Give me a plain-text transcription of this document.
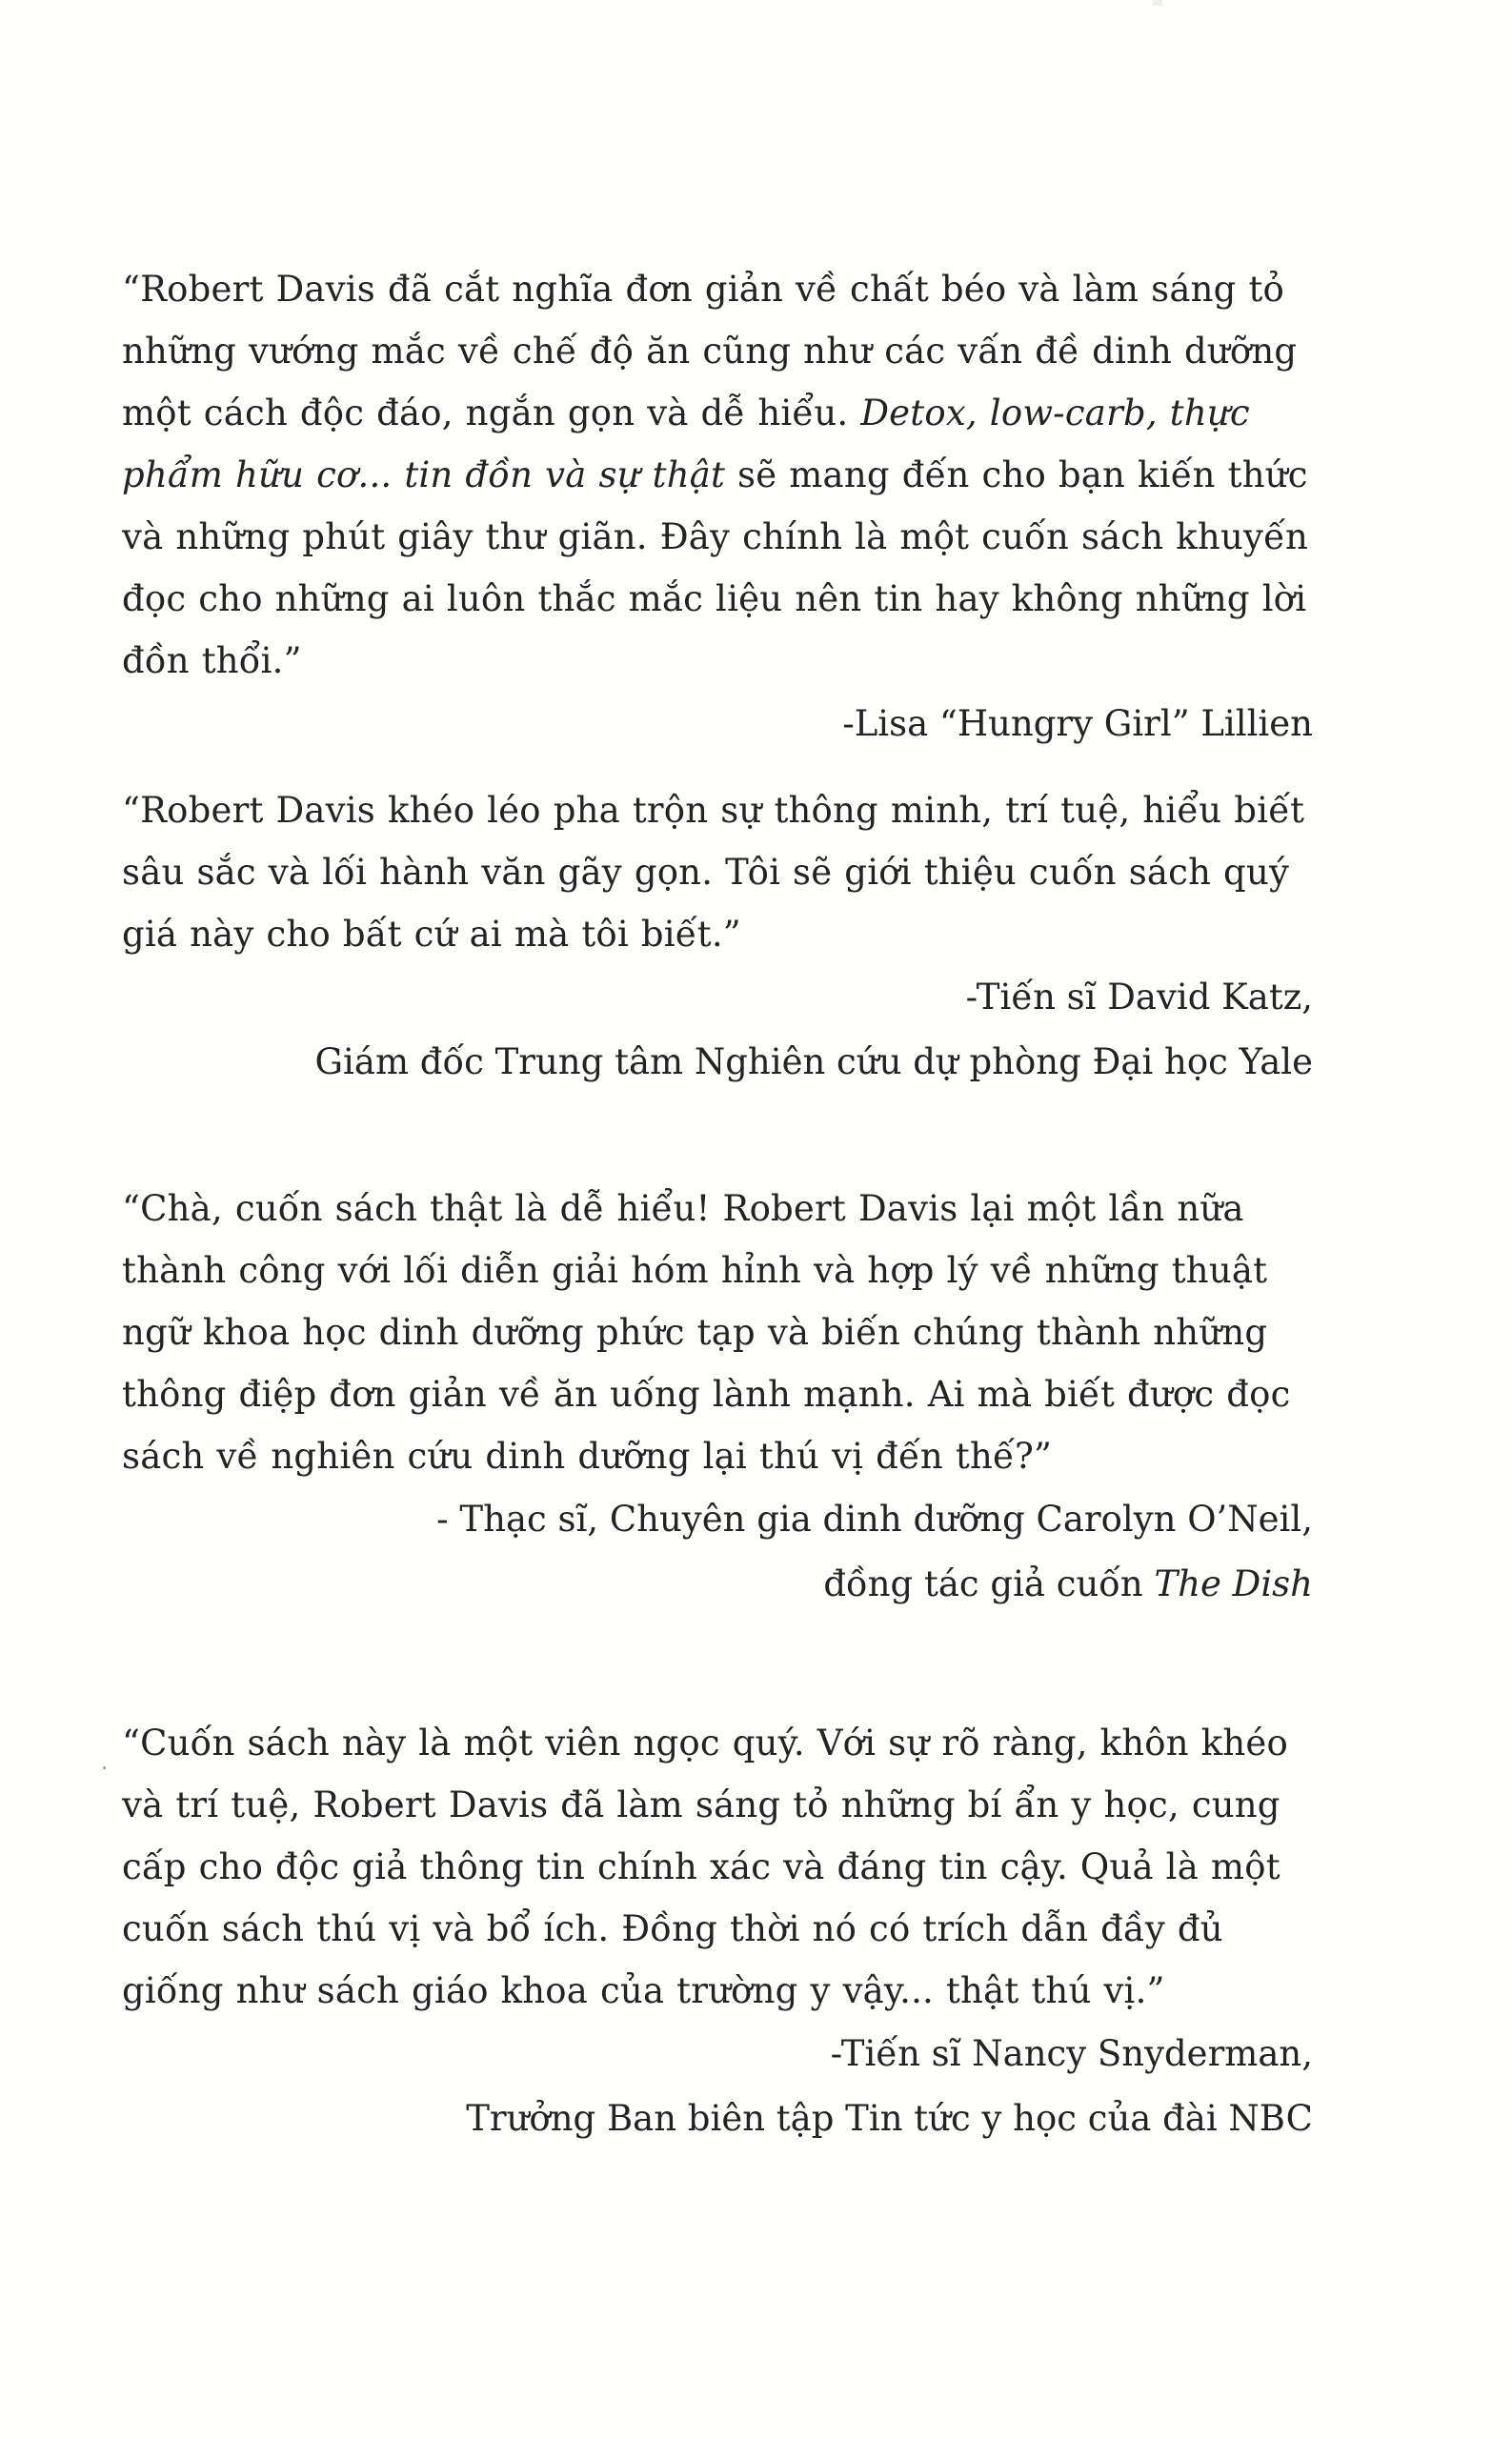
“Robert Davis đã cắt nghĩa đơn giản về chất béo và làm sáng tỏ những vướng mắc về chế độ ăn cũng như các vấn đề dinh dưỡng một cách độc đáo, ngắn gọn và dễ hiểu. Detox, low-carb, thực phẩm hữu cơ... tin đồn và sự thật sẽ mang đến cho bạn kiến thức và những phút giây thư giãn. Đây chính là một cuốn sách khuyến đọc cho những ai luôn thắc mắc liệu nên tin hay không những lời đồn thổi.”

-Lisa “Hungry Girl” Lillien

“Robert Davis khéo léo pha trộn sự thông minh, trí tuệ, hiểu biết sâu sắc và lối hành văn gãy gọn. Tôi sẽ giới thiệu cuốn sách quý giá này cho bất cứ ai mà tôi biết.”

-Tiến sĩ David Katz,

Giám đốc Trung tâm Nghiên cứu dự phòng Đại học Yale

“Chà, cuốn sách thật là dễ hiểu! Robert Davis lại một lần nữa thành công với lối diễn giải hóm hỉnh và hợp lý về những thuật ngữ khoa học dinh dưỡng phức tạp và biến chúng thành những thông điệp đơn giản về ăn uống lành mạnh. Ai mà biết được đọc sách về nghiên cứu dinh dưỡng lại thú vị đến thế?”

- Thạc sĩ, Chuyên gia dinh dưỡng Carolyn O’Neil,

đồng tác giả cuốn The Dish

“Cuốn sách này là một viên ngọc quý. Với sự rõ ràng, khôn khéo và trí tuệ, Robert Davis đã làm sáng tỏ những bí ẩn y học, cung cấp cho độc giả thông tin chính xác và đáng tin cậy. Quả là một cuốn sách thú vị và bổ ích. Đồng thời nó có trích dẫn đầy đủ giống như sách giáo khoa của trường y vậy... thật thú vị.”

-Tiến sĩ Nancy Snyderman,

Trưởng Ban biên tập Tin tức y học của đài NBC
